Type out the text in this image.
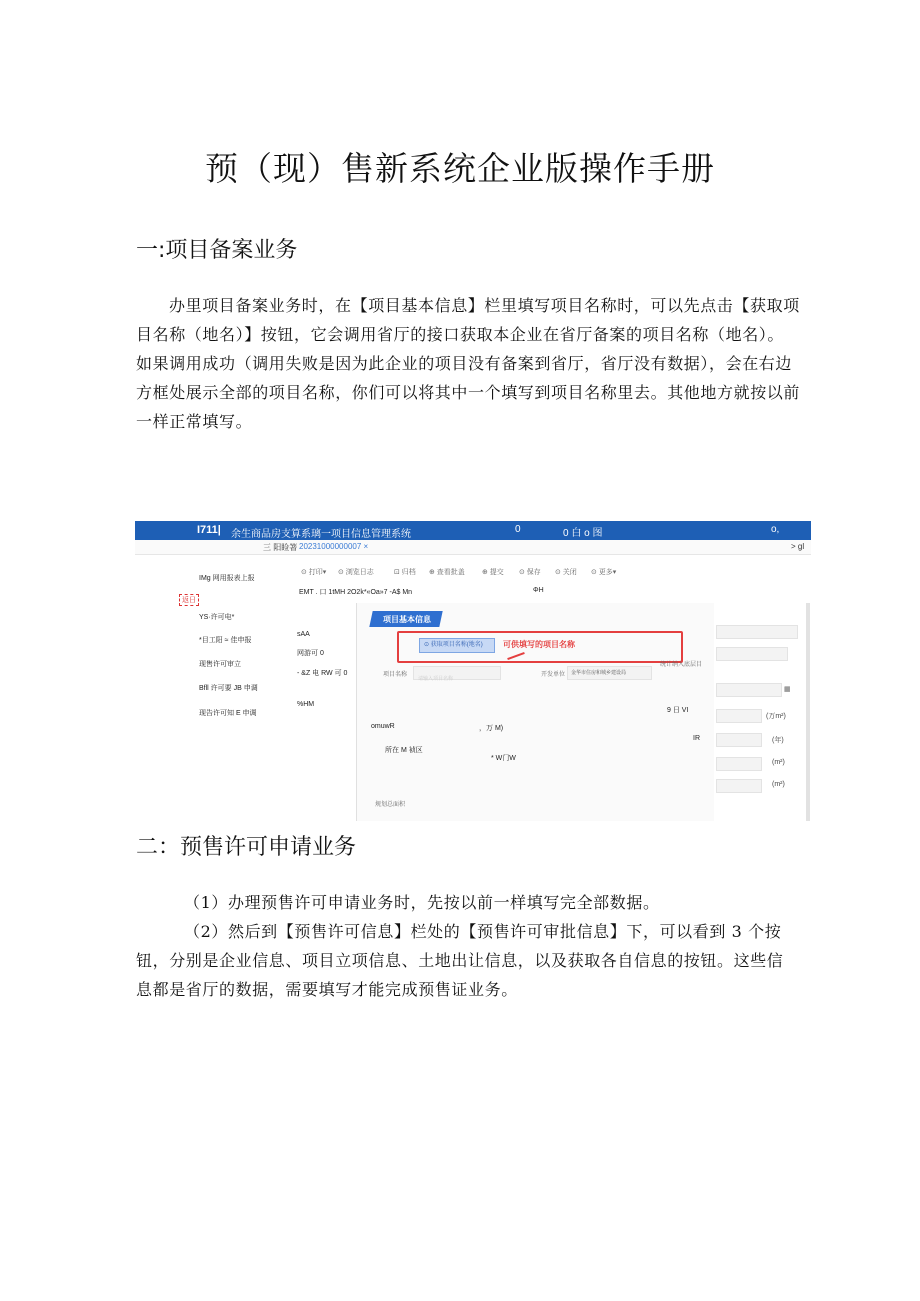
预（现）售新系统企业版操作手册
一:项目备案业务
办里项目备案业务时，在【项目基本信息】栏里填写项目名称时，可以先点击【获取项
目名称（地名）】按钮，它会调用省厅的接口获取本企业在省厅备案的项目名称（地名）。
如果调用成功（调用失败是因为此企业的项目没有备案到省厅，省厅没有数据），会在右边
方框处展示全部的项目名称，你们可以将其中一个填写到项目名称里去。其他地方就按以前
一样正常填写。
I711| 余生商品房支算系璃一项目信息管理系统	0	0 白 o 图	o,
三 阳睑箸 20231000000007 ×	> gl
IMg 网用报表上报
返日
YS·许可电*
*目工阳 ≈ 佳申报
现售许可审立
Bfll 许可要 JB 申调
现告许可知 E 申调
⊙ 打印▾ ⊙ 浏览日志	⊡ 归档 ⊕ 查看批盖 ⊕ 提交 ⊙ 保存 ⊙ 关闭 ⊙ 更多▾
EMT . 口 1tMH 2O2k*«Oa»7 -A$ Mn	ΦH
sAA
网游可 0
- &Z 电 RW 可 0
%HM
项目基本信息
⊙ 获取项目名称(地名)	可供填写的项目名称
项目名称
请输入项目名称
开发单位	金华市住房和城乡建设局
统计纳入底层目
omuwR	，万 M)
所在 M 祯区
* W门W
规划总面积
9 日 VI
IR
▦
(万m²)
(年)
(m²)
(m²)
二：预售许可申请业务
（1）办理预售许可申请业务时，先按以前一样填写完全部数据。
（2）然后到【预售许可信息】栏处的【预售许可审批信息】下，可以看到 3 个按
钮，分别是企业信息、项目立项信息、土地出让信息，以及获取各自信息的按钮。这些信
息都是省厅的数据，需要填写才能完成预售证业务。
